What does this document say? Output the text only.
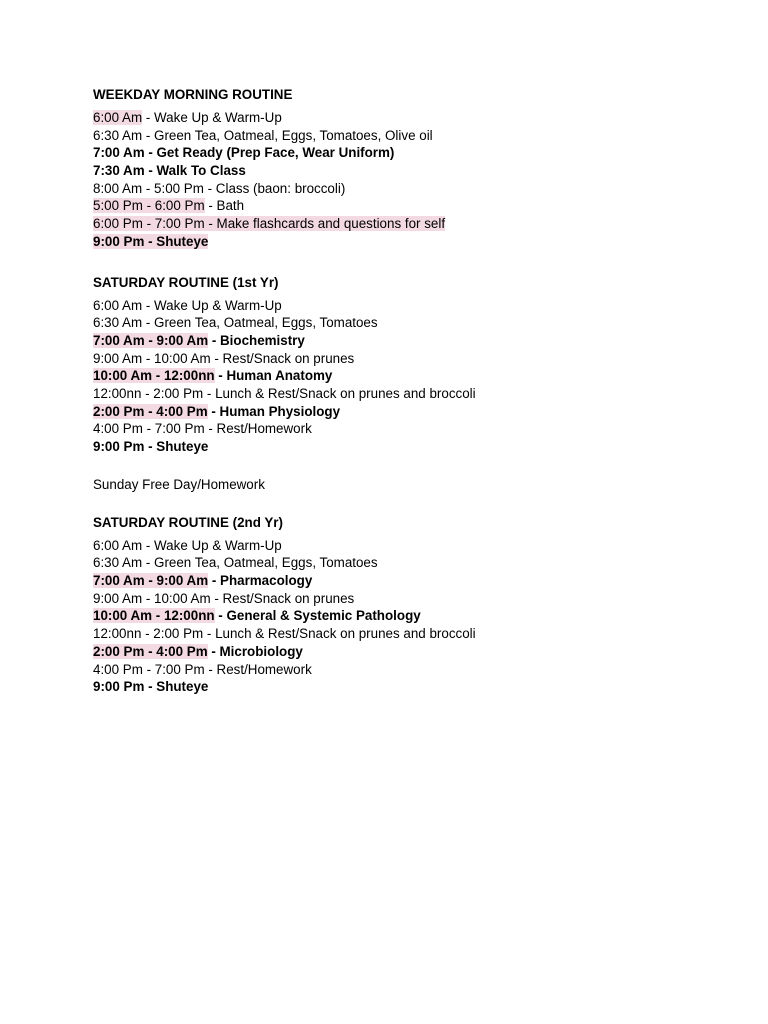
WEEKDAY MORNING ROUTINE
6:00 Am - Wake Up & Warm-Up
6:30 Am - Green Tea, Oatmeal, Eggs, Tomatoes, Olive oil
7:00 Am - Get Ready (Prep Face, Wear Uniform)
7:30 Am - Walk To Class
8:00 Am - 5:00 Pm - Class (baon: broccoli)
5:00 Pm - 6:00 Pm - Bath
6:00 Pm - 7:00 Pm - Make flashcards and questions for self
9:00 Pm - Shuteye
SATURDAY ROUTINE (1st Yr)
6:00 Am - Wake Up & Warm-Up
6:30 Am - Green Tea, Oatmeal, Eggs, Tomatoes
7:00 Am - 9:00 Am - Biochemistry
9:00 Am - 10:00 Am - Rest/Snack on prunes
10:00 Am - 12:00nn - Human Anatomy
12:00nn - 2:00 Pm - Lunch & Rest/Snack on prunes and broccoli
2:00 Pm - 4:00 Pm - Human Physiology
4:00 Pm - 7:00 Pm - Rest/Homework
9:00 Pm - Shuteye
Sunday Free Day/Homework
SATURDAY ROUTINE (2nd Yr)
6:00 Am - Wake Up & Warm-Up
6:30 Am - Green Tea, Oatmeal, Eggs, Tomatoes
7:00 Am - 9:00 Am - Pharmacology
9:00 Am - 10:00 Am - Rest/Snack on prunes
10:00 Am - 12:00nn - General & Systemic Pathology
12:00nn - 2:00 Pm - Lunch & Rest/Snack on prunes and broccoli
2:00 Pm - 4:00 Pm - Microbiology
4:00 Pm - 7:00 Pm - Rest/Homework
9:00 Pm - Shuteye
